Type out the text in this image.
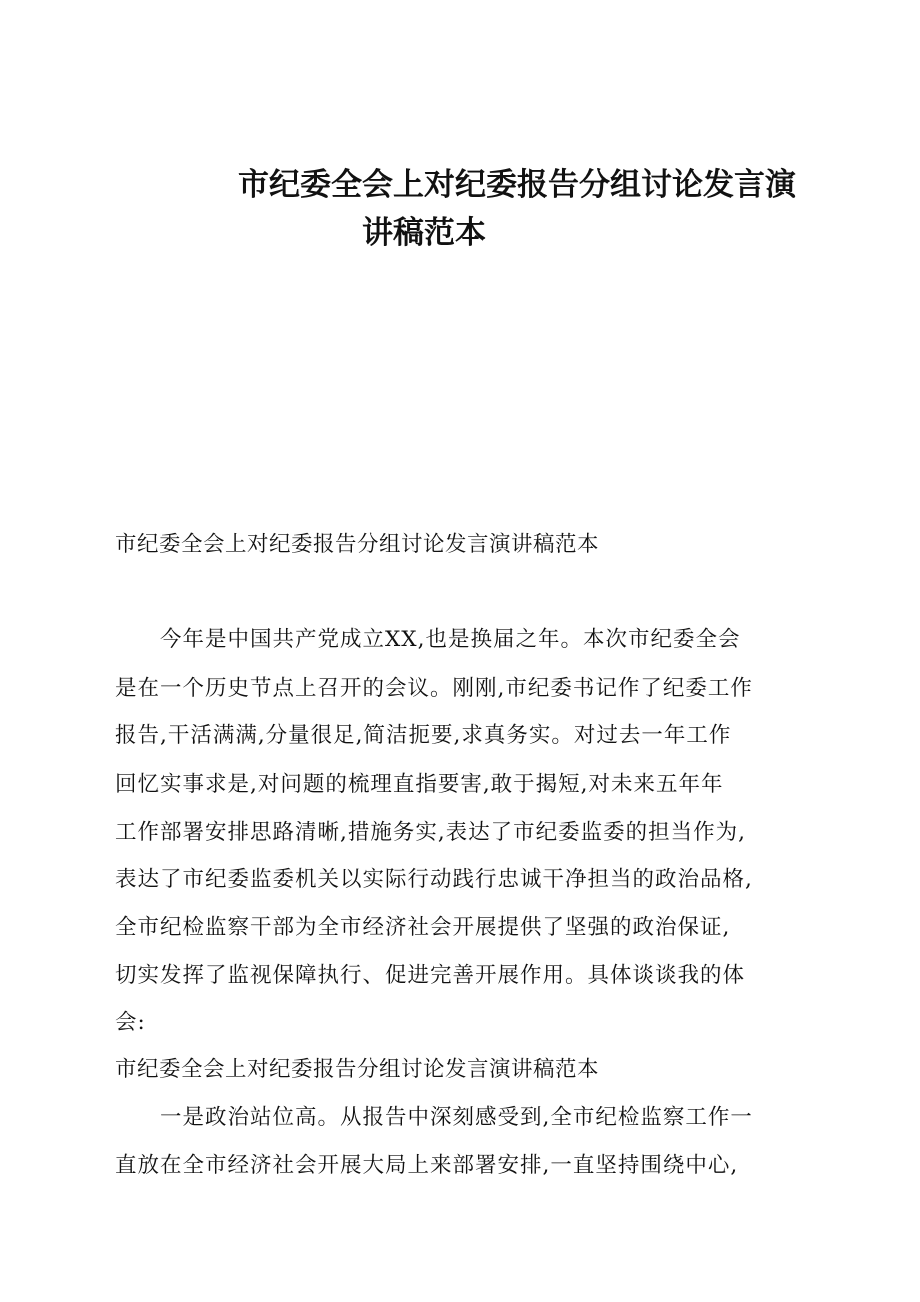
市纪委全会上对纪委报告分组讨论发言演
讲稿范本

市纪委全会上对纪委报告分组讨论发言演讲稿范本

　　今年是中国共产党成立XX,也是换届之年。本次市纪委全会

是在一个历史节点上召开的会议。刚刚,市纪委书记作了纪委工作

报告,干活满满,分量很足,简洁扼要,求真务实。对过去一年工作

回忆实事求是,对问题的梳理直指要害,敢于揭短,对未来五年年

工作部署安排思路清晰,措施务实,表达了市纪委监委的担当作为,

表达了市纪委监委机关以实际行动践行忠诚干净担当的政治品格,

全市纪检监察干部为全市经济社会开展提供了坚强的政治保证,

切实发挥了监视保障执行、促进完善开展作用。具体谈谈我的体

会:

市纪委全会上对纪委报告分组讨论发言演讲稿范本

　　一是政治站位高。从报告中深刻感受到,全市纪检监察工作一

直放在全市经济社会开展大局上来部署安排,一直坚持围绕中心,
